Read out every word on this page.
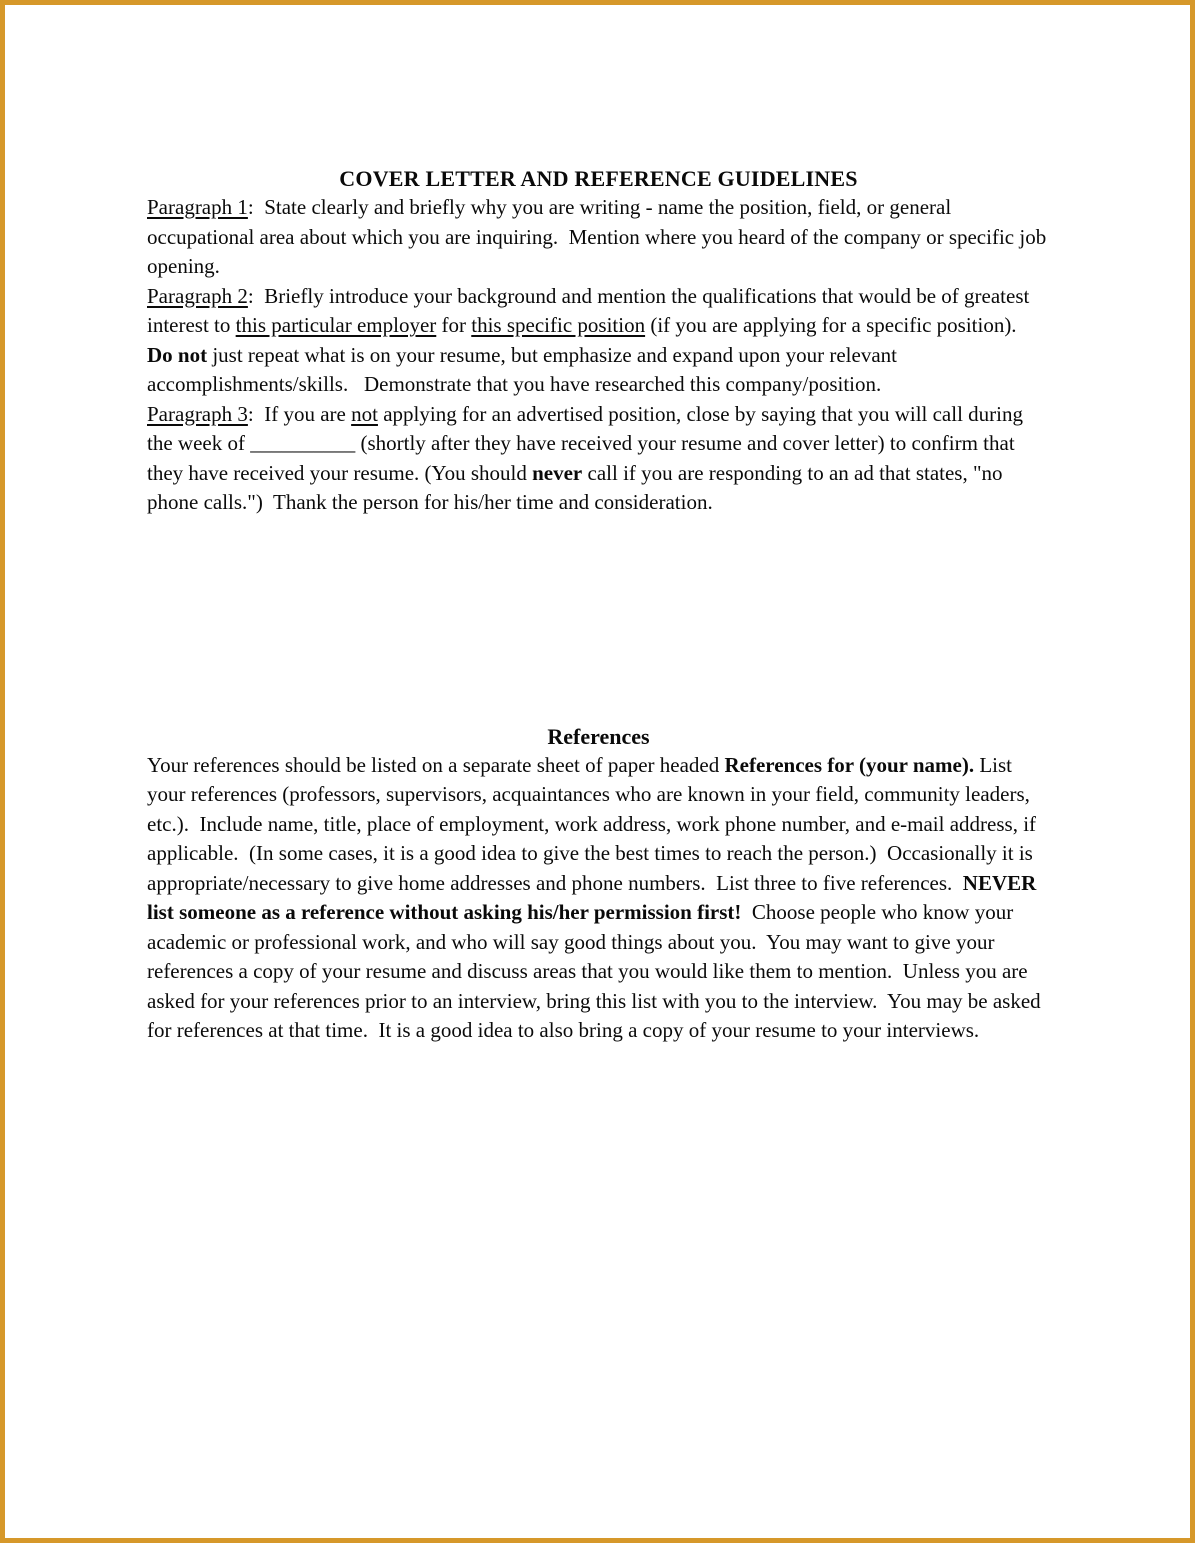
COVER LETTER AND REFERENCE GUIDELINES

Paragraph 1:  State clearly and briefly why you are writing - name the position, field, or general occupational area about which you are inquiring.  Mention where you heard of the company or specific job opening.

Paragraph 2:  Briefly introduce your background and mention the qualifications that would be of greatest interest to this particular employer for this specific position (if you are applying for a specific position).  Do not just repeat what is on your resume, but emphasize and expand upon your relevant accomplishments/skills.   Demonstrate that you have researched this company/position.

Paragraph 3:  If you are not applying for an advertised position, close by saying that you will call during the week of __________ (shortly after they have received your resume and cover letter) to confirm that they have received your resume. (You should never call if you are responding to an ad that states, "no phone calls.")  Thank the person for his/her time and consideration.

References

Your references should be listed on a separate sheet of paper headed References for (your name). List your references (professors, supervisors, acquaintances who are known in your field, community leaders, etc.).  Include name, title, place of employment, work address, work phone number, and e-mail address, if applicable.  (In some cases, it is a good idea to give the best times to reach the person.)  Occasionally it is appropriate/necessary to give home addresses and phone numbers.  List three to five references.  NEVER list someone as a reference without asking his/her permission first!  Choose people who know your academic or professional work, and who will say good things about you.  You may want to give your references a copy of your resume and discuss areas that you would like them to mention.  Unless you are asked for your references prior to an interview, bring this list with you to the interview.  You may be asked for references at that time.  It is a good idea to also bring a copy of your resume to your interviews.
